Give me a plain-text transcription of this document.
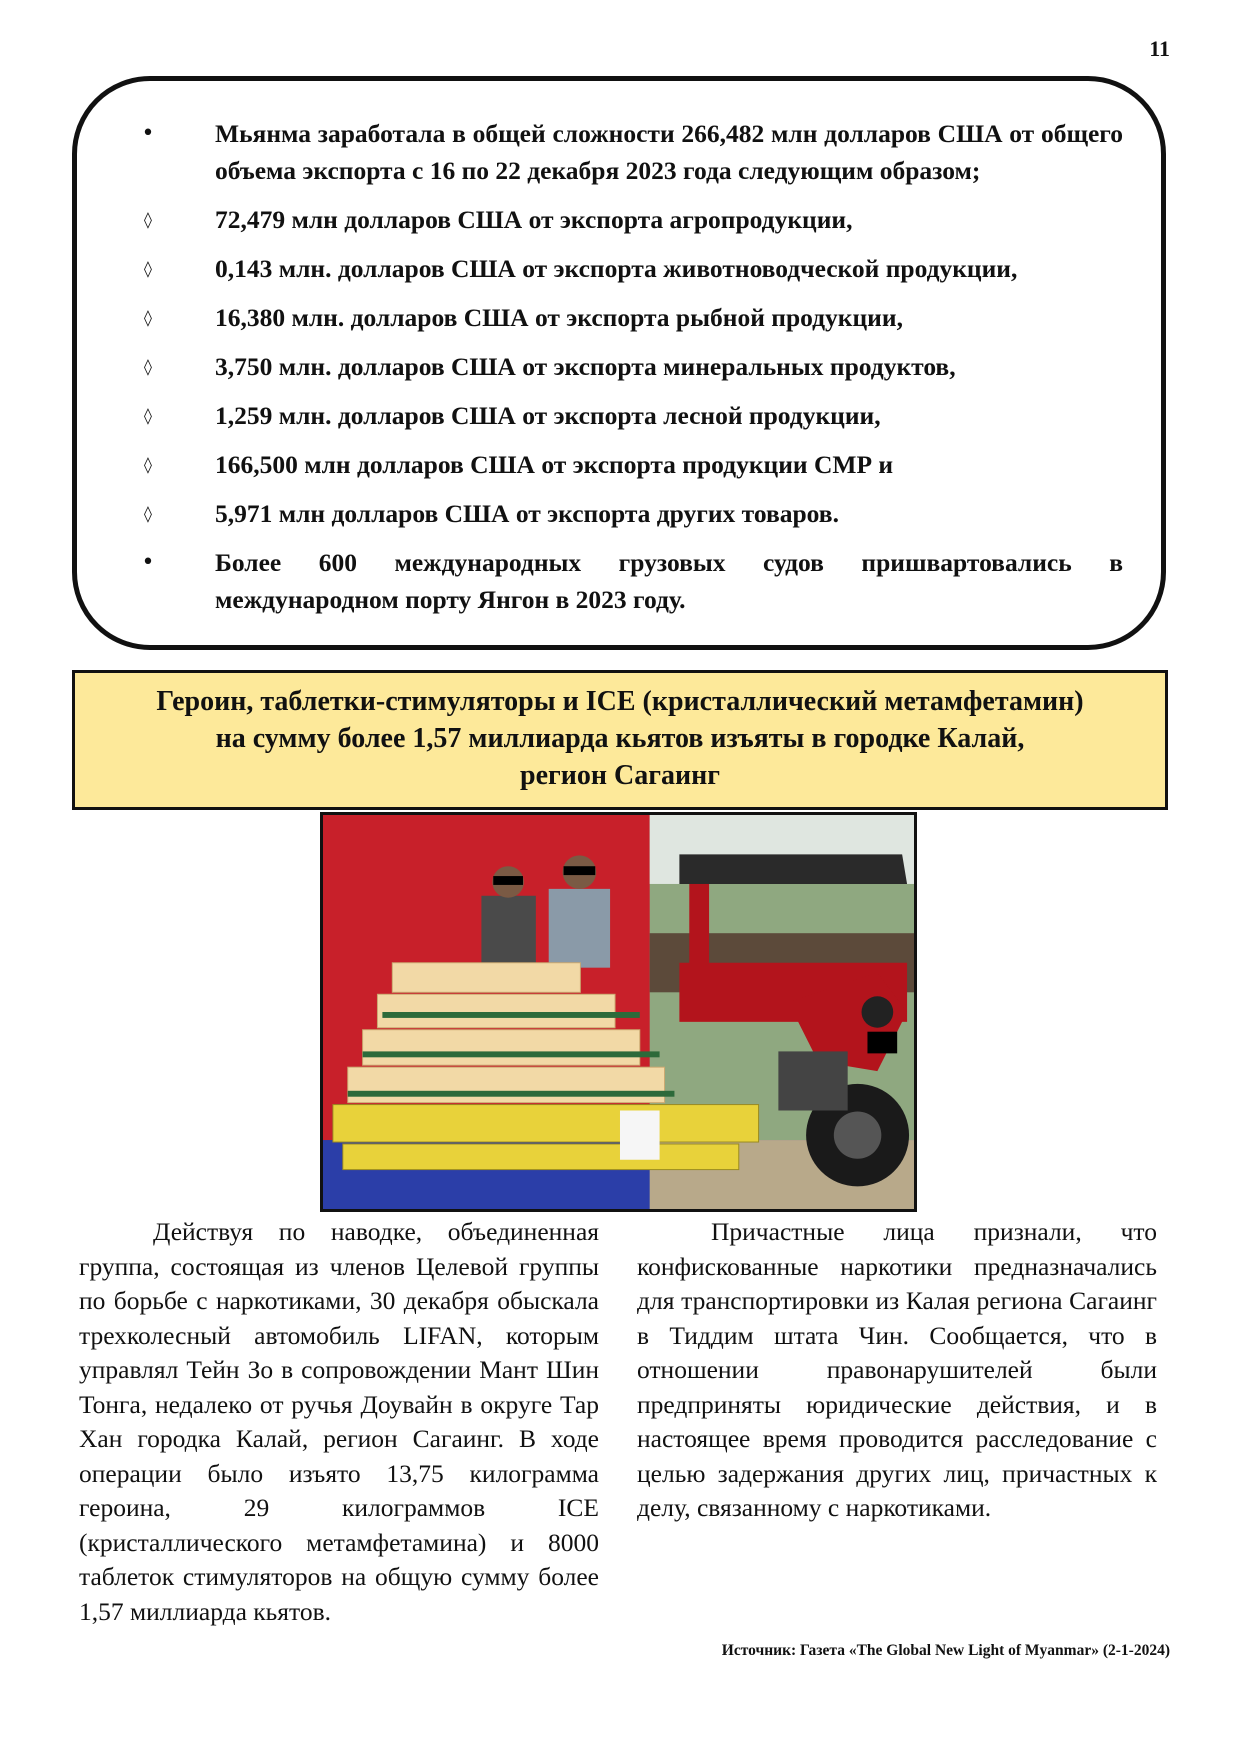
11
•	Мьянма заработала в общей сложности 266,482 млн долларов США от общего объема экспорта с 16 по 22 декабря 2023 года следующим образом;
◊	72,479 млн долларов США от экспорта агропродукции,
◊	0,143 млн. долларов США от экспорта животноводческой продукции,
◊	16,380 млн. долларов США от экспорта рыбной продукции,
◊	3,750 млн. долларов США от экспорта минеральных продуктов,
◊	1,259 млн. долларов США от экспорта лесной продукции,
◊	166,500 млн долларов США от экспорта продукции СМР и
◊	5,971 млн долларов США от экспорта других товаров.
•	Более 600 международных грузовых судов пришвартовались в международном порту Янгон в 2023 году.
Героин, таблетки-стимуляторы и ICE (кристаллический метамфетамин)
на сумму более 1,57 миллиарда кьятов изъяты в городке Калай,
регион Сагаинг

Действуя по наводке, объединенная группа, состоящая из членов Целевой группы по борьбе с наркотиками, 30 декабря обыскала трехколесный автомобиль LIFAN, которым управлял Тейн Зо в сопровождении Мант Шин Тонга, недалеко от ручья Доувайн в округе Тар Хан городка Калай, регион Сагаинг. В ходе операции было изъято 13,75 килограмма героина, 29 килограммов ICE (кристаллического метамфетамина) и 8000 таблеток стимуляторов на общую сумму более 1,57 миллиарда кьятов.

Причастные лица признали, что конфискованные наркотики предназначались для транспортировки из Калая региона Сагаинг в Тиддим штата Чин. Сообщается, что в отношении правонарушителей были предприняты юридические действия, и в настоящее время проводится расследование с целью задержания других лиц, причастных к делу, связанному с наркотиками.

Источник: Газета «The Global New Light of Myanmar» (2-1-2024)
